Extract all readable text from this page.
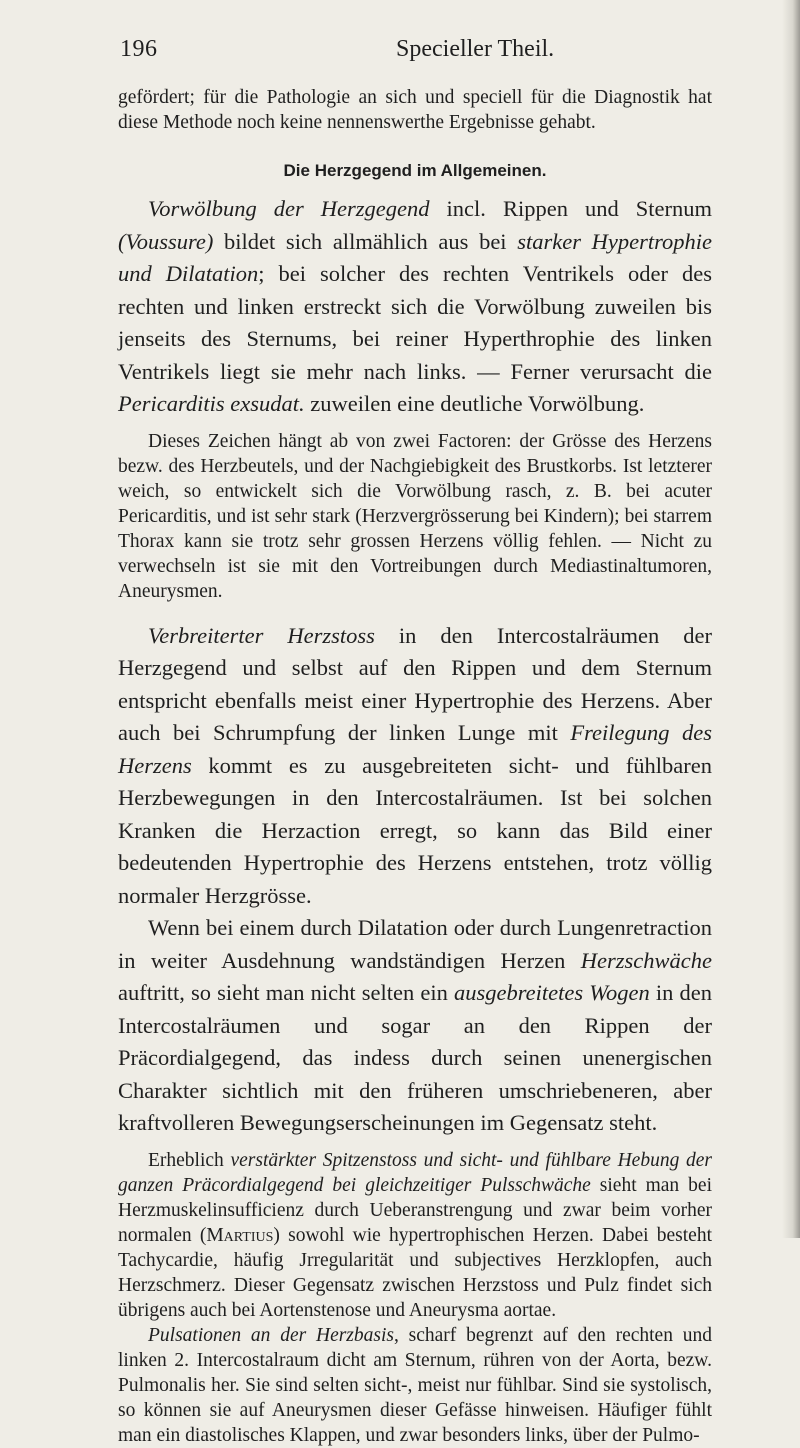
196	Specieller Theil.

gefördert; für die Pathologie an sich und speciell für die Diagnostik hat diese Methode noch keine nennenswerthe Ergebnisse gehabt.

Die Herzgegend im Allgemeinen.

Vorwölbung der Herzgegend incl. Rippen und Sternum (Voussure) bildet sich allmählich aus bei starker Hypertrophie und Dilatation; bei solcher des rechten Ventrikels oder des rechten und linken erstreckt sich die Vorwölbung zuweilen bis jenseits des Sternums, bei reiner Hyperthrophie des linken Ventrikels liegt sie mehr nach links. — Ferner verursacht die Pericarditis exsudat. zuweilen eine deutliche Vorwölbung.

Dieses Zeichen hängt ab von zwei Factoren: der Grösse des Herzens bezw. des Herzbeutels, und der Nachgiebigkeit des Brustkorbs. Ist letzterer weich, so entwickelt sich die Vorwölbung rasch, z. B. bei acuter Pericarditis, und ist sehr stark (Herzvergrösserung bei Kindern); bei starrem Thorax kann sie trotz sehr grossen Herzens völlig fehlen. — Nicht zu verwechseln ist sie mit den Vortreibungen durch Mediastinaltumoren, Aneurysmen.

Verbreiterter Herzstoss in den Intercostalräumen der Herzgegend und selbst auf den Rippen und dem Sternum entspricht ebenfalls meist einer Hypertrophie des Herzens. Aber auch bei Schrumpfung der linken Lunge mit Freilegung des Herzens kommt es zu ausgebreiteten sicht- und fühlbaren Herzbewegungen in den Intercostalräumen. Ist bei solchen Kranken die Herzaction erregt, so kann das Bild einer bedeutenden Hypertrophie des Herzens entstehen, trotz völlig normaler Herzgrösse.

Wenn bei einem durch Dilatation oder durch Lungenretraction in weiter Ausdehnung wandständigen Herzen Herzschwäche auftritt, so sieht man nicht selten ein ausgebreitetes Wogen in den Intercostalräumen und sogar an den Rippen der Präcordialgegend, das indess durch seinen unenergischen Charakter sichtlich mit den früheren umschriebeneren, aber kraftvolleren Bewegungserscheinungen im Gegensatz steht.

Erheblich verstärkter Spitzenstoss und sicht- und fühlbare Hebung der ganzen Präcordialgegend bei gleichzeitiger Pulsschwäche sieht man bei Herzmuskelinsufficienz durch Ueberanstrengung und zwar beim vorher normalen (Martius) sowohl wie hypertrophischen Herzen. Dabei besteht Tachycardie, häufig Jrregularität und subjectives Herzklopfen, auch Herzschmerz. Dieser Gegensatz zwischen Herzstoss und Pulz findet sich übrigens auch bei Aortenstenose und Aneurysma aortae.

Pulsationen an der Herzbasis, scharf begrenzt auf den rechten und linken 2. Intercostalraum dicht am Sternum, rühren von der Aorta, bezw. Pulmonalis her. Sie sind selten sicht-, meist nur fühlbar. Sind sie systolisch, so können sie auf Aneurysmen dieser Gefässe hinweisen. Häufiger fühlt man ein diastolisches Klappen, und zwar besonders links, über der Pulmo-
